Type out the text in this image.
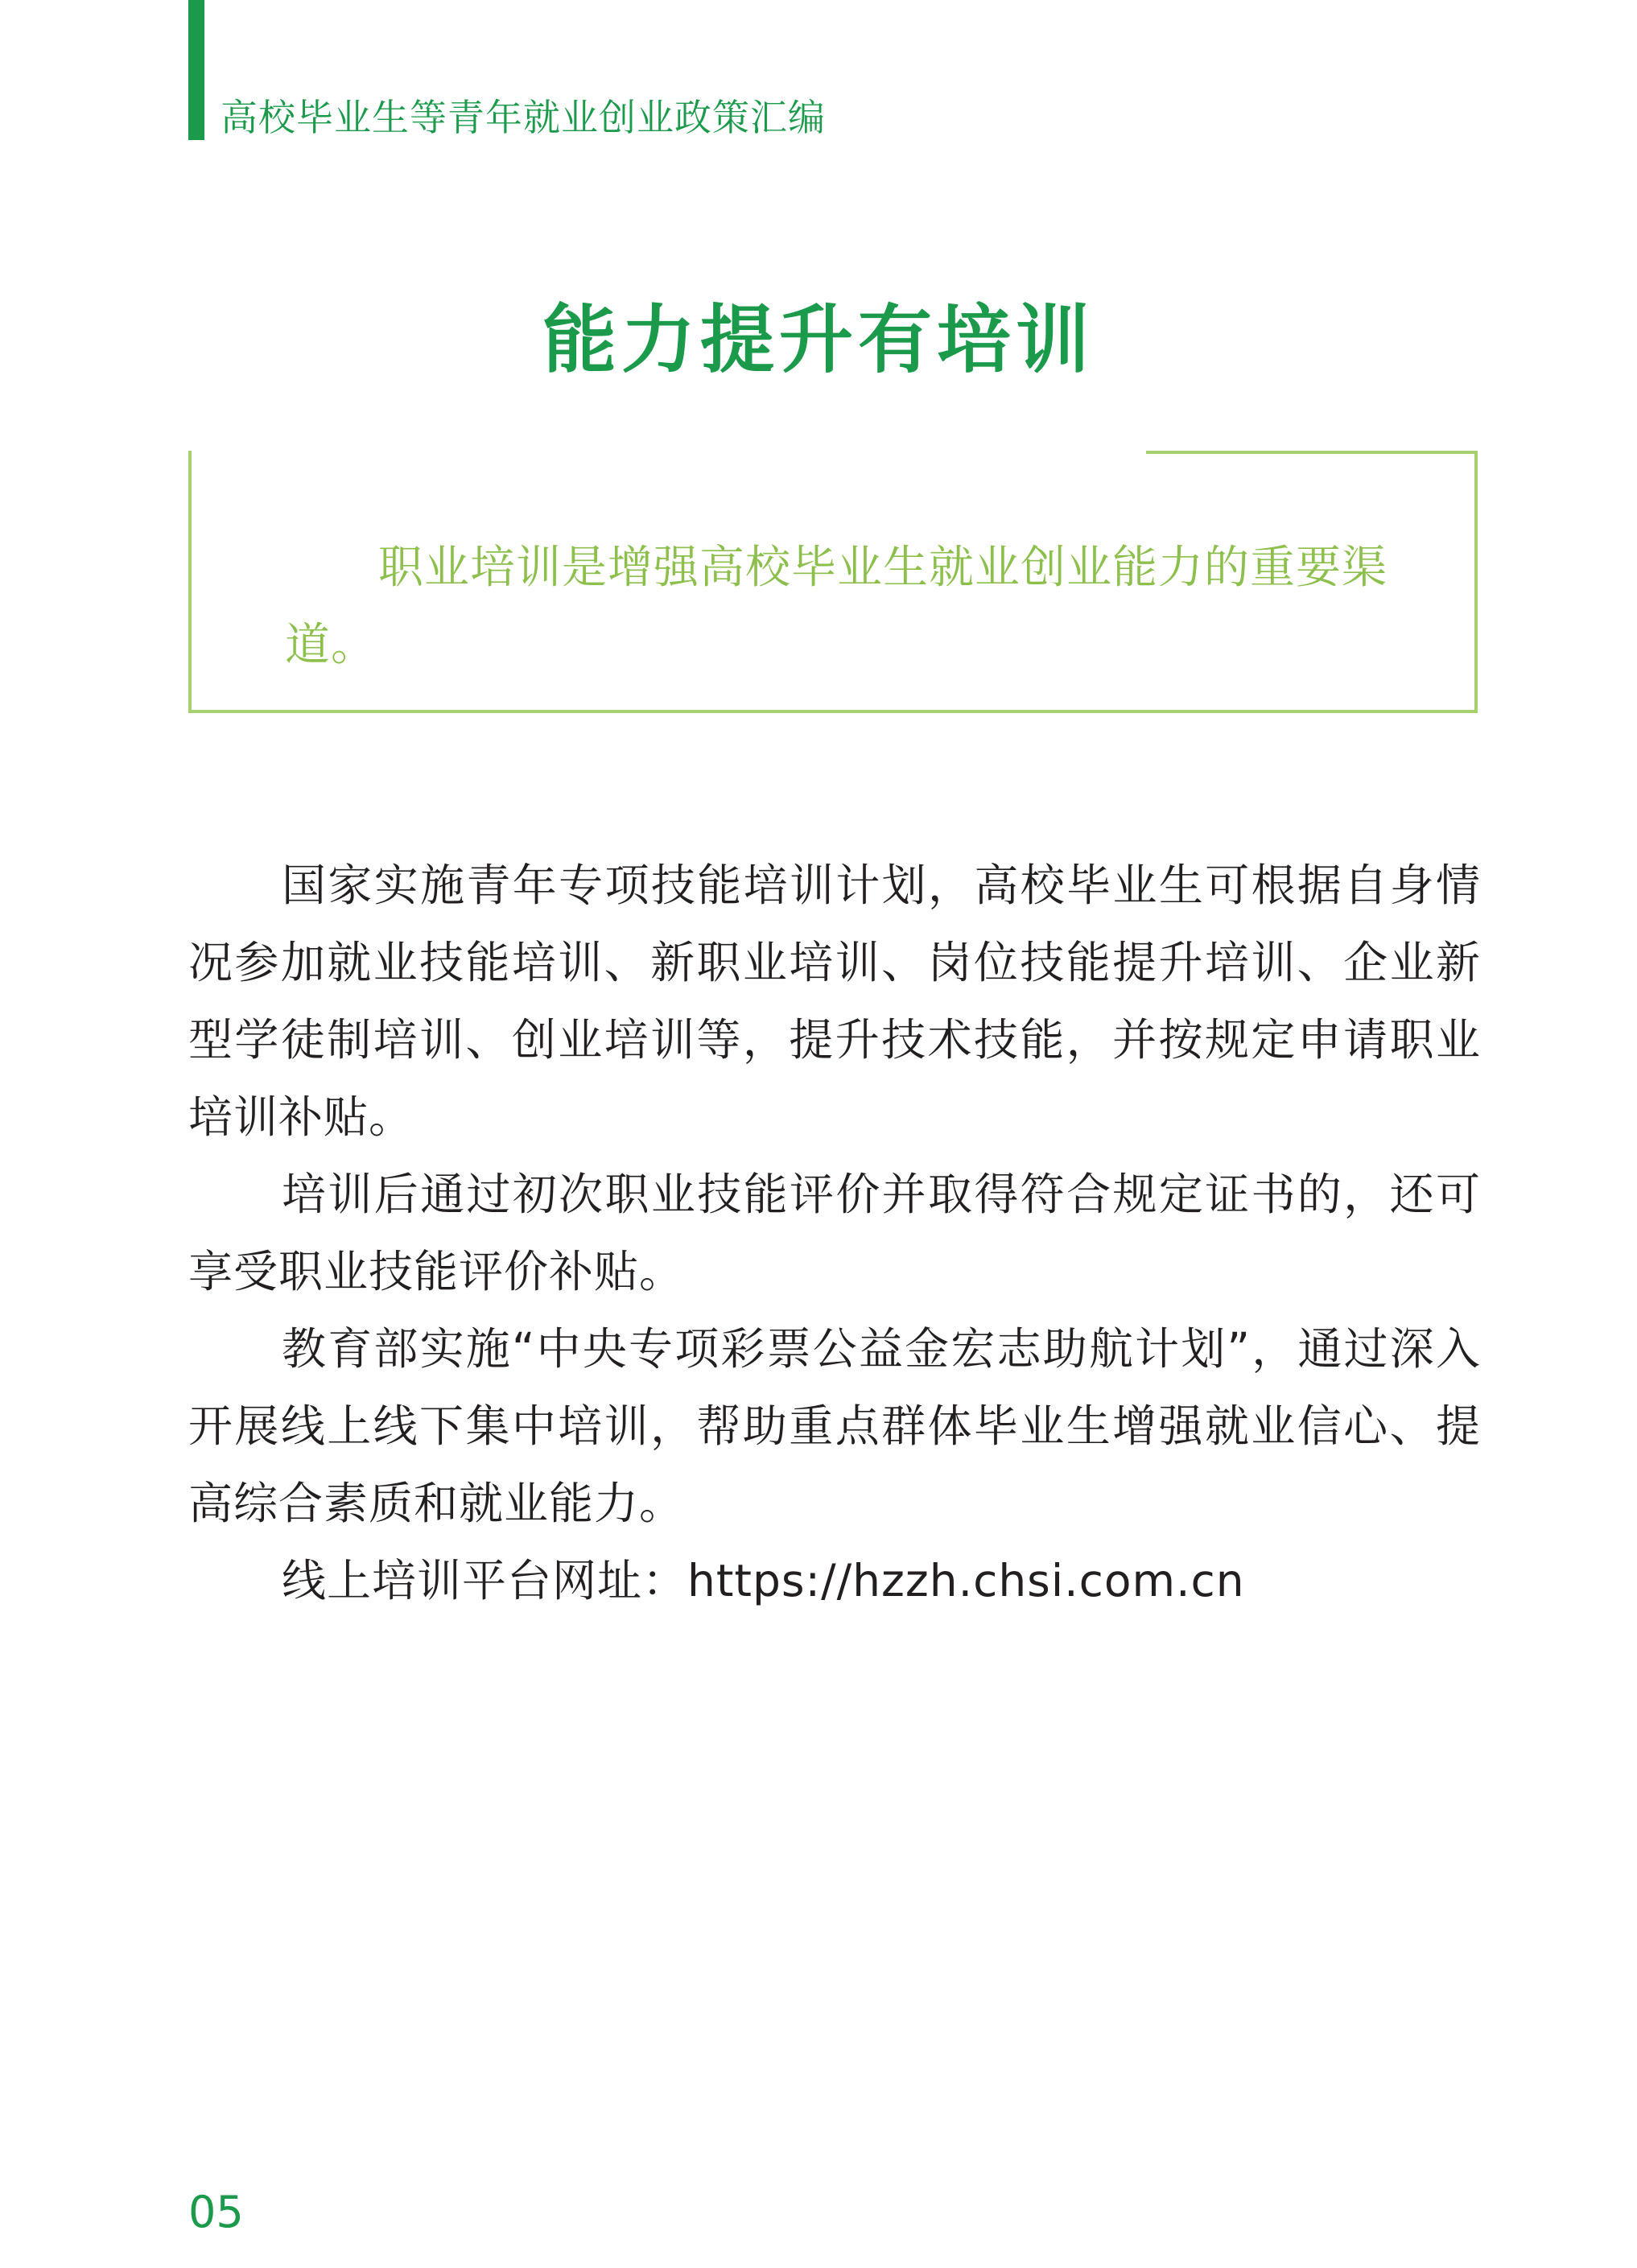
高校毕业生等青年就业创业政策汇编
能力提升有培训
职业培训是增强高校毕业生就业创业能力的重要渠道。

国家实施青年专项技能培训计划，高校毕业生可根据自身情况参加就业技能培训、新职业培训、岗位技能提升培训、企业新型学徒制培训、创业培训等，提升技术技能，并按规定申请职业培训补贴。

培训后通过初次职业技能评价并取得符合规定证书的，还可享受职业技能评价补贴。

教育部实施“中央专项彩票公益金宏志助航计划”，通过深入开展线上线下集中培训，帮助重点群体毕业生增强就业信心、提高综合素质和就业能力。

线上培训平台网址：https://hzzh.chsi.com.cn

05
